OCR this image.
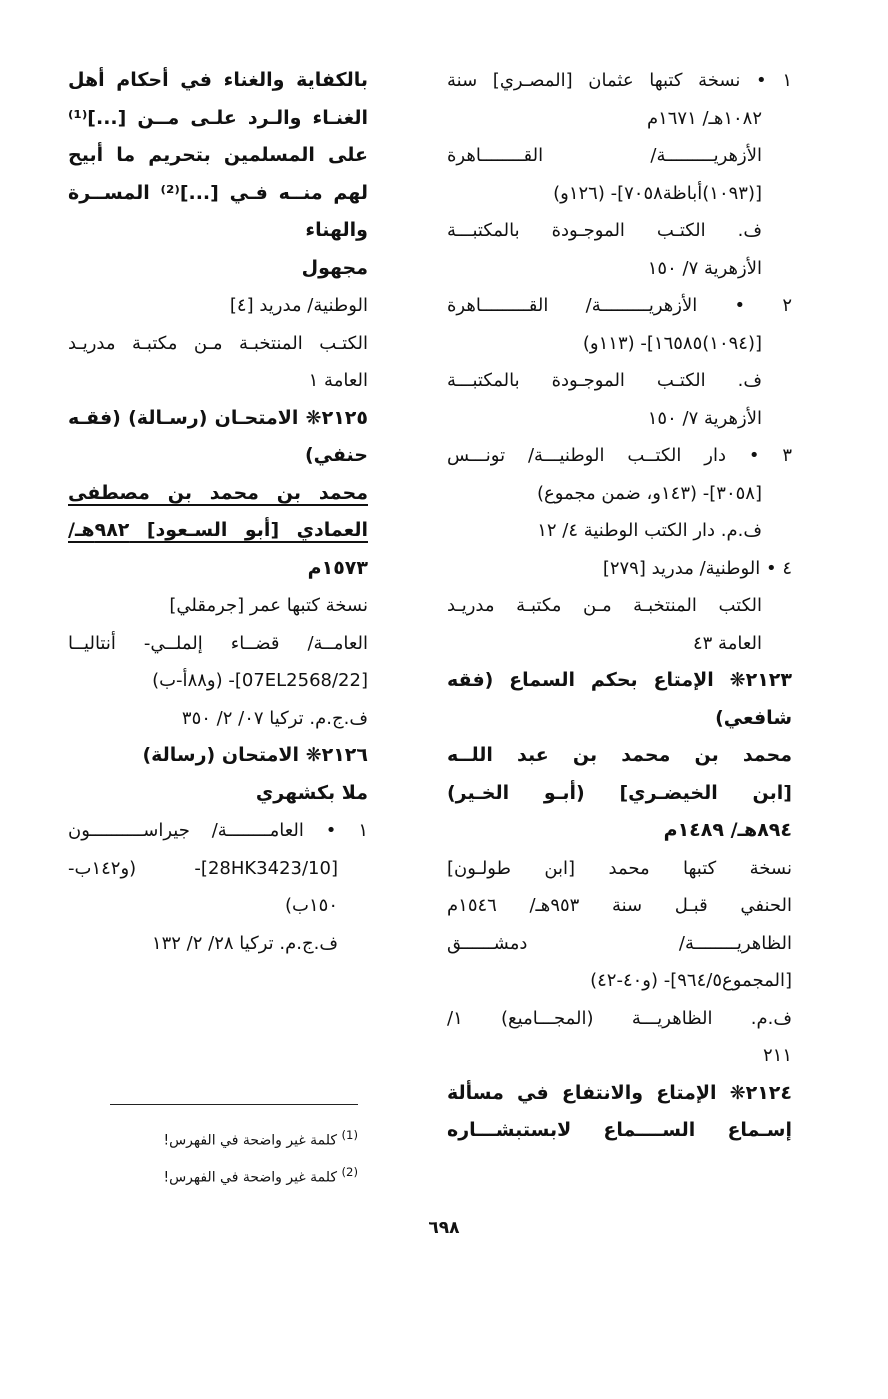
١ • نسخة كتبها عثمان [المصـري] سنة
١٠٨٢هـ/ ١٦٧١م
الأزهريـــــــــة/ القــــــــاهرة
[(١٠٩٣)أباظة٧٠٥٨]- (١٢٦و)
ف. الكتـب الموجـودة بالمكتبـــة
الأزهرية ٧/ ١٥٠
٢ • الأزهريـــــــــة/ القـــــــــاهرة
[(١٠٩٤)١٦٥٨٥]- (١١٣و)
ف. الكتـب الموجـودة بالمكتبـــة
الأزهرية ٧/ ١٥٠
٣ • دار الكتــب الوطنيـــة/ تونـــس
[٣٠٥٨]- (١٤٣و، ضمن مجموع)
ف.م. دار الكتب الوطنية ٤/ ١٢
٤ • الوطنية/ مدريد [٢٧٩]
الكتب المنتخبـة مـن مكتبـة مدريـد
العامة ٤٣
٢١٢٣❋ الإمتاع بحكم السماع (فقه
شافعي)
محمد بن محمد بن عبد اللــه
[ابن الخيضـري] (أبـو الخـير)
٨٩٤هـ/ ١٤٨٩م
نسخة كتبها محمد [ابن طولـون]
الحنفي قبـل سنة ٩٥٣هـ/ ١٥٤٦م
الظاهريــــــــة/ دمشــــــق
[المجموع٩٦٤/٥]- (و٤٠-٤٢)
ف.م. الظاهريـــة (المجـــاميع) ١/
٢١١
٢١٢٤❋ الإمتاع والانتفاع في مسألة
إسـماع الســــماع لابستبشـــاره
بالكفاية والغناء في أحكام أهل
الغنـاء والـرد علـى مــن [...]⁽¹⁾
على المسلمين بتحريم ما أبيح
لهم منــه فـي [...]⁽²⁾ المســرة
والهناء
مجهول
الوطنية/ مدريد [٤]
الكتـب المنتخبـة مـن مكتبـة مدريـد
العامة ١
٢١٢٥❋ الامتحـان (رسـالة) (فقـه
حنفي)
محمد بن محمد بن مصطفى
العمادي [أبو السـعود] ٩٨٢هـ/
١٥٧٣م
نسخة كتبها عمر [جرمقلي]
العامــة/ قضــاء إلملــي- أنتاليــا
[07EL2568/22]- (و٨٨أ-ب)
ف.ج.م. تركيا ٠٧/ ٢/ ٣٥٠
٢١٢٦❋ الامتحان (رسالة)
ملا بكشهري
١ • العامــــــــة/ جيراســــــــــون
[28HK3423/10]- (و١٤٢ب-
١٥٠ب)
ف.ج.م. تركيا ٢٨/ ٢/ ١٣٢
$^{(1)}$ كلمة غير واضحة في الفهرس!
$^{(2)}$ كلمة غير واضحة في الفهرس!
٦٩٨
